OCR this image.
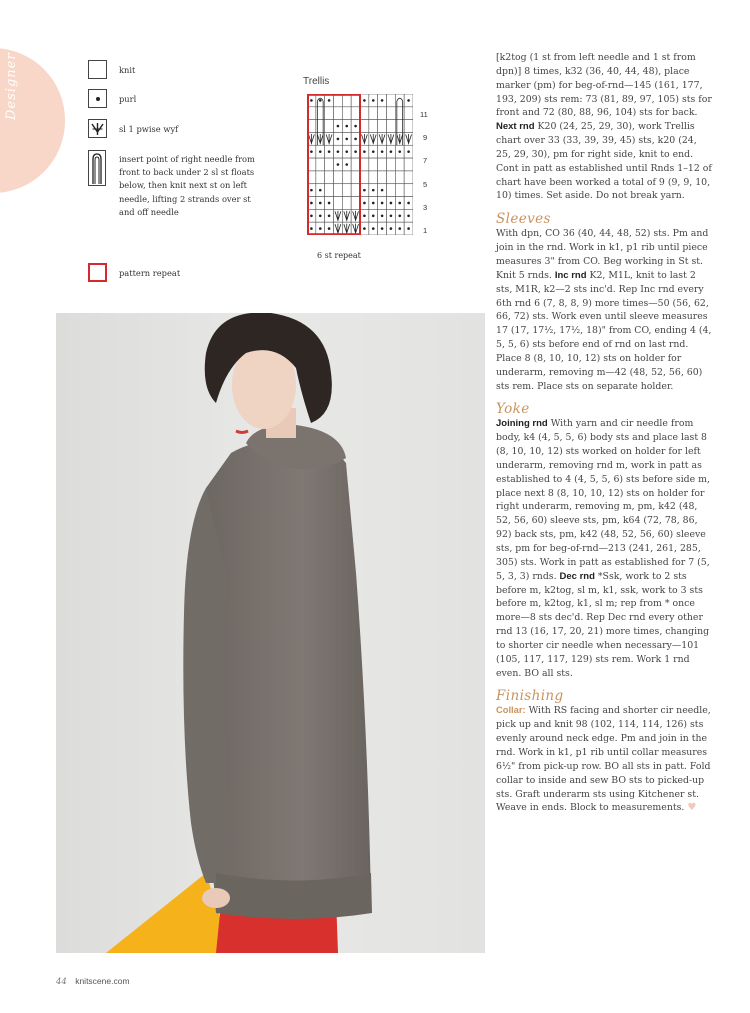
Designer	knit
purl
sl 1 pwise wyf
insert point of right needle from front to back under 2 sl st floats below, then knit next st on left needle, lifting 2 strands over st and off needle
pattern repeat
Trellis
11
9
7
5
3
1
6 st repeat

[k2tog (1 st from left needle and 1 st from dpn)] 8 times, k32 (36, 40, 44, 48), place marker (pm) for beg-of-rnd—145 (161, 177, 193, 209) sts rem: 73 (81, 89, 97, 105) sts for front and 72 (80, 88, 96, 104) sts for back. Next rnd K20 (24, 25, 29, 30), work Trellis chart over 33 (33, 39, 39, 45) sts, k20 (24, 25, 29, 30), pm for right side, knit to end. Cont in patt as established until Rnds 1–12 of chart have been worked a total of 9 (9, 9, 10, 10) times. Set aside. Do not break yarn.

Sleeves

With dpn, CO 36 (40, 44, 48, 52) sts. Pm and join in the rnd. Work in k1, p1 rib until piece measures 3" from CO. Beg working in St st. Knit 5 rnds. Inc rnd K2, M1L, knit to last 2 sts, M1R, k2—2 sts inc'd. Rep Inc rnd every 6th rnd 6 (7, 8, 8, 9) more times—50 (56, 62, 66, 72) sts. Work even until sleeve measures 17 (17, 17½, 17½, 18)" from CO, ending 4 (4, 5, 5, 6) sts before end of rnd on last rnd. Place 8 (8, 10, 10, 12) sts on holder for underarm, removing m—42 (48, 52, 56, 60) sts rem. Place sts on separate holder.

Yoke

Joining rnd With yarn and cir needle from body, k4 (4, 5, 5, 6) body sts and place last 8 (8, 10, 10, 12) sts worked on holder for left underarm, removing rnd m, work in patt as established to 4 (4, 5, 5, 6) sts before side m, place next 8 (8, 10, 10, 12) sts on holder for right underarm, removing m, pm, k42 (48, 52, 56, 60) sleeve sts, pm, k64 (72, 78, 86, 92) back sts, pm, k42 (48, 52, 56, 60) sleeve sts, pm for beg-of-rnd—213 (241, 261, 285, 305) sts. Work in patt as established for 7 (5, 5, 3, 3) rnds. Dec rnd *Ssk, work to 2 sts before m, k2tog, sl m, k1, ssk, work to 3 sts before m, k2tog, k1, sl m; rep from * once more—8 sts dec'd. Rep Dec rnd every other rnd 13 (16, 17, 20, 21) more times, changing to shorter cir needle when necessary—101 (105, 117, 117, 129) sts rem. Work 1 rnd even. BO all sts.

Finishing

Collar: With RS facing and shorter cir needle, pick up and knit 98 (102, 114, 114, 126) sts evenly around neck edge. Pm and join in the rnd. Work in k1, p1 rib until collar measures 6½" from pick-up row. BO all sts in patt. Fold collar to inside and sew BO sts to picked-up sts. Graft underarm sts using Kitchener st. Weave in ends. Block to measurements. ♥

44 knitscene.com
